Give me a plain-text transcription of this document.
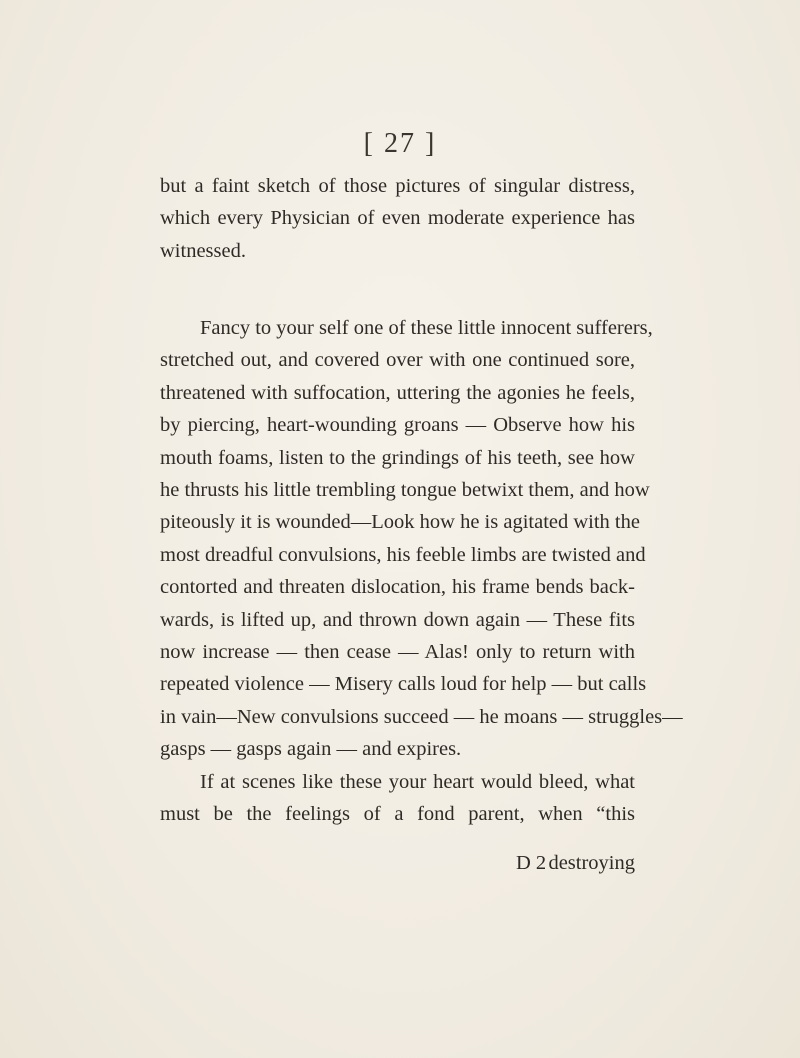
[ 27 ]
but a faint sketch of those pictures of singular distress,
which every Physician of even moderate experience has
witnessed.
Fancy to your self one of these little innocent sufferers,
stretched out, and covered over with one continued sore,
threatened with suffocation, uttering the agonies he feels,
by piercing, heart-wounding groans — Observe how his
mouth foams, listen to the grindings of his teeth, see how
he thrusts his little trembling tongue betwixt them, and how
piteously it is wounded—Look how he is agitated with the
most dreadful convulsions, his feeble limbs are twisted and
contorted and threaten dislocation, his frame bends back-
wards, is lifted up, and thrown down again — These fits
now increase — then cease — Alas! only to return with
repeated violence — Misery calls loud for help — but calls
in vain—New convulsions succeed — he moans — struggles—
gasps — gasps again — and expires.
If at scenes like these your heart would bleed, what
must be the feelings of a fond parent, when “this
D 2 destroying
